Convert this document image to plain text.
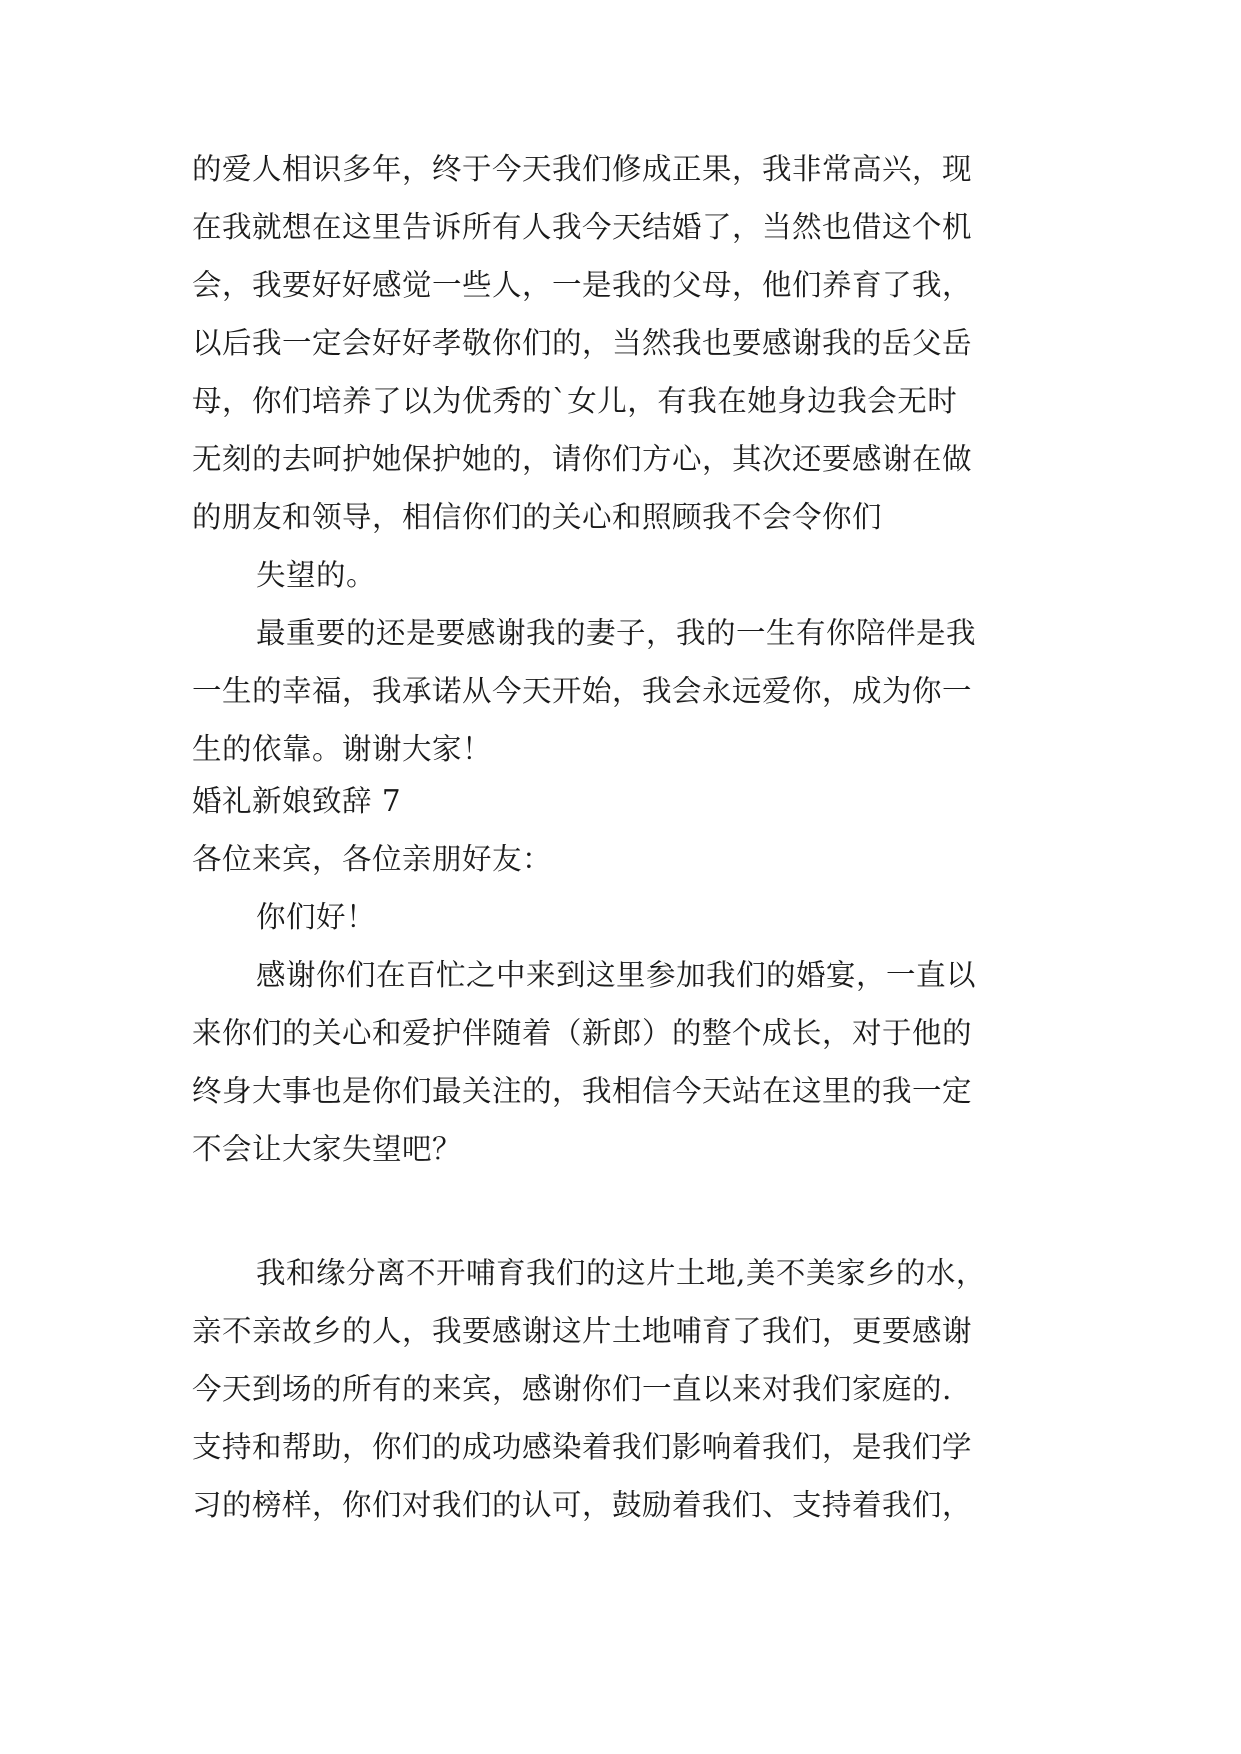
的爱人相识多年，终于今天我们修成正果，我非常高兴，现
在我就想在这里告诉所有人我今天结婚了，当然也借这个机
会，我要好好感觉一些人，一是我的父母，他们养育了我，
以后我一定会好好孝敬你们的，当然我也要感谢我的岳父岳
母，你们培养了以为优秀的`女儿，有我在她身边我会无时
无刻的去呵护她保护她的，请你们方心，其次还要感谢在做
的朋友和领导，相信你们的关心和照顾我不会令你们
失望的。
最重要的还是要感谢我的妻子，我的一生有你陪伴是我
一生的幸福，我承诺从今天开始，我会永远爱你，成为你一
生的依靠。谢谢大家！
婚礼新娘致辞 7
各位来宾，各位亲朋好友：
你们好！
感谢你们在百忙之中来到这里参加我们的婚宴，一直以
来你们的关心和爱护伴随着（新郎）的整个成长，对于他的
终身大事也是你们最关注的，我相信今天站在这里的我一定
不会让大家失望吧？
我和缘分离不开哺育我们的这片土地,美不美家乡的水，
亲不亲故乡的人，我要感谢这片土地哺育了我们，更要感谢
今天到场的所有的来宾，感谢你们一直以来对我们家庭的.
支持和帮助，你们的成功感染着我们影响着我们，是我们学
习的榜样，你们对我们的认可，鼓励着我们、支持着我们，
